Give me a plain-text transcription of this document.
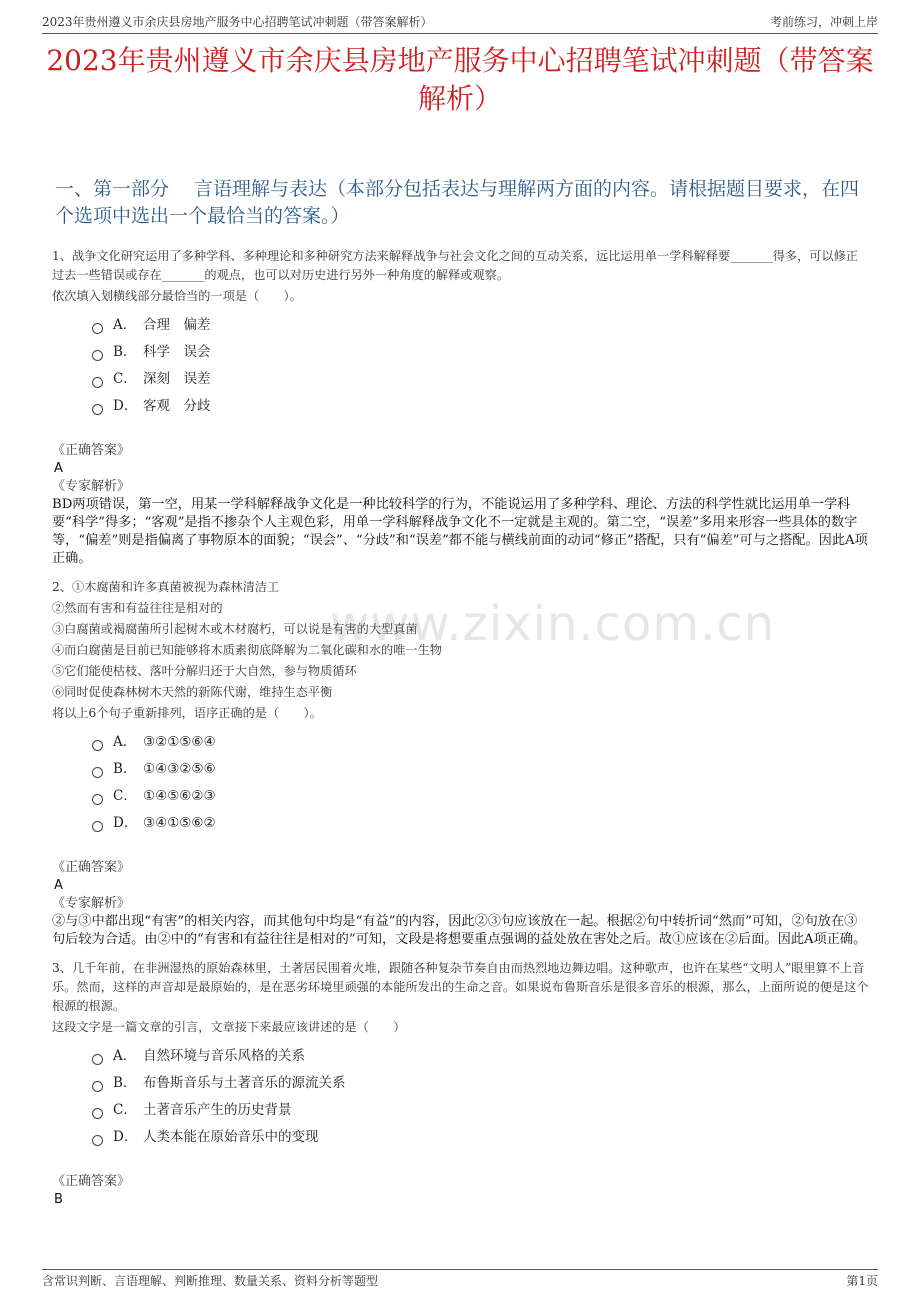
2023年贵州遵义市余庆县房地产服务中心招聘笔试冲刺题（带答案解析）	考前练习，冲刺上岸
2023年贵州遵义市余庆县房地产服务中心招聘笔试冲刺题（带答案解析）
一、第一部分　 言语理解与表达（本部分包括表达与理解两方面的内容。请根据题目要求，在四个选项中选出一个最恰当的答案。）
www.zixin.com.cn
1、战争文化研究运用了多种学科、多种理论和多种研究方法来解释战争与社会文化之间的互动关系，远比运用单一学科解释要_______得多，可以修正过去一些错误或存在_______的观点，也可以对历史进行另外一种角度的解释或观察。
依次填入划横线部分最恰当的一项是（　　）。
A． 合理　偏差
B． 科学　误会
C． 深刻　误差
D． 客观　分歧
《正确答案》
A
《专家解析》
BD两项错误，第一空，用某一学科解释战争文化是一种比较科学的行为，不能说运用了多种学科、理论、方法的科学性就比运用单一学科要“科学”得多；“客观”是指不掺杂个人主观色彩，用单一学科解释战争文化不一定就是主观的。第二空，“误差”多用来形容一些具体的数字等，“偏差”则是指偏离了事物原本的面貌；“误会”、“分歧”和“误差”都不能与横线前面的动词“修正”搭配，只有“偏差”可与之搭配。因此A项正确。
2、①木腐菌和许多真菌被视为森林清洁工
②然而有害和有益往往是相对的
③白腐菌或褐腐菌所引起树木或木材腐朽，可以说是有害的大型真菌
④而白腐菌是目前已知能够将木质素彻底降解为二氧化碳和水的唯一生物
⑤它们能使枯枝、落叶分解归还于大自然，参与物质循环
⑥同时促使森林树木天然的新陈代谢，维持生态平衡
将以上6个句子重新排列，语序正确的是（　　）。
A． ③②①⑤⑥④
B． ①④③②⑤⑥
C． ①④⑤⑥②③
D． ③④①⑤⑥②
《正确答案》
A
《专家解析》
②与③中都出现“有害”的相关内容，而其他句中均是“有益”的内容，因此②③句应该放在一起。根据②句中转折词“然而”可知，②句放在③句后较为合适。由②中的“有害和有益往往是相对的”可知，文段是将想要重点强调的益处放在害处之后。故①应该在②后面。因此A项正确。
3、几千年前，在非洲湿热的原始森林里，土著居民围着火堆，跟随各种复杂节奏自由而热烈地边舞边唱。这种歌声，也许在某些“文明人”眼里算不上音乐。然而，这样的声音却是最原始的，是在恶劣环境里顽强的本能所发出的生命之音。如果说布鲁斯音乐是很多音乐的根源，那么，上面所说的便是这个根源的根源。
这段文字是一篇文章的引言，文章接下来最应该讲述的是（　　）
A． 自然环境与音乐风格的关系
B． 布鲁斯音乐与土著音乐的源流关系
C． 土著音乐产生的历史背景
D． 人类本能在原始音乐中的变现
《正确答案》
B
含常识判断、言语理解、判断推理、数量关系、资料分析等题型	第1页
